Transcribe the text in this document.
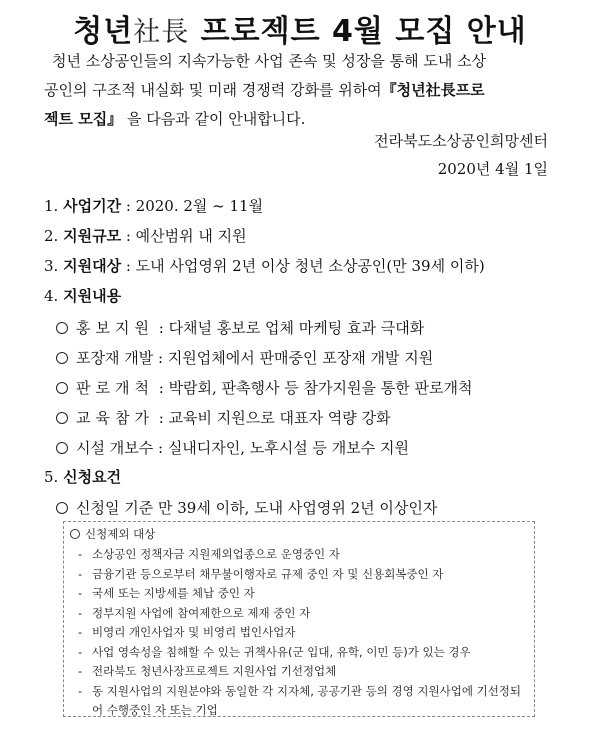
청년社長 프로젝트 4월 모집 안내

청년 소상공인들의 지속가능한 사업 존속 및 성장을 통해 도내 소상

공인의 구조적 내실화 및 미래 경쟁력 강화를 위하여『청년社長프로

젝트 모집』 을 다음과 같이 안내합니다.

전라북도소상공인희망센터
2020년 4월 1일
1. 사업기간 : 2020. 2월 ~ 11월
2. 지원규모 : 예산범위 내 지원
3. 지원대상 : 도내 사업영위 2년 이상 청년 소상공인(만 39세 이하)
4. 지원내용
홍보지원 : 다채널 홍보로 업체 마케팅 효과 극대화
포장재 개발 : 지원업체에서 판매중인 포장재 개발 지원
판로개척 : 박람회, 판촉행사 등 참가지원을 통한 판로개척
교육참가 : 교육비 지원으로 대표자 역량 강화
시설 개보수 : 실내디자인, 노후시설 등 개보수 지원
5. 신청요건
신청일 기준 만 39세 이하, 도내 사업영위 2년 이상인자
신청제외 대상
- 소상공인 정책자금 지원제외업종으로 운영중인 자
- 금융기관 등으로부터 채무불이행자로 규제 중인 자 및 신용회복중인 자
- 국세 또는 지방세를 체납 중인 자
- 정부지원 사업에 참여제한으로 제재 중인 자
- 비영리 개인사업자 및 비영리 법인사업자
- 사업 영속성을 침해할 수 있는 귀책사유(군 입대, 유학, 이민 등)가 있는 경우
- 전라북도 청년사장프로젝트 지원사업 기선정업체
- 동 지원사업의 지원분야와 동일한 각 지자체, 공공기관 등의 경영 지원사업에 기선정되어 수행중인 자 또는 기업
